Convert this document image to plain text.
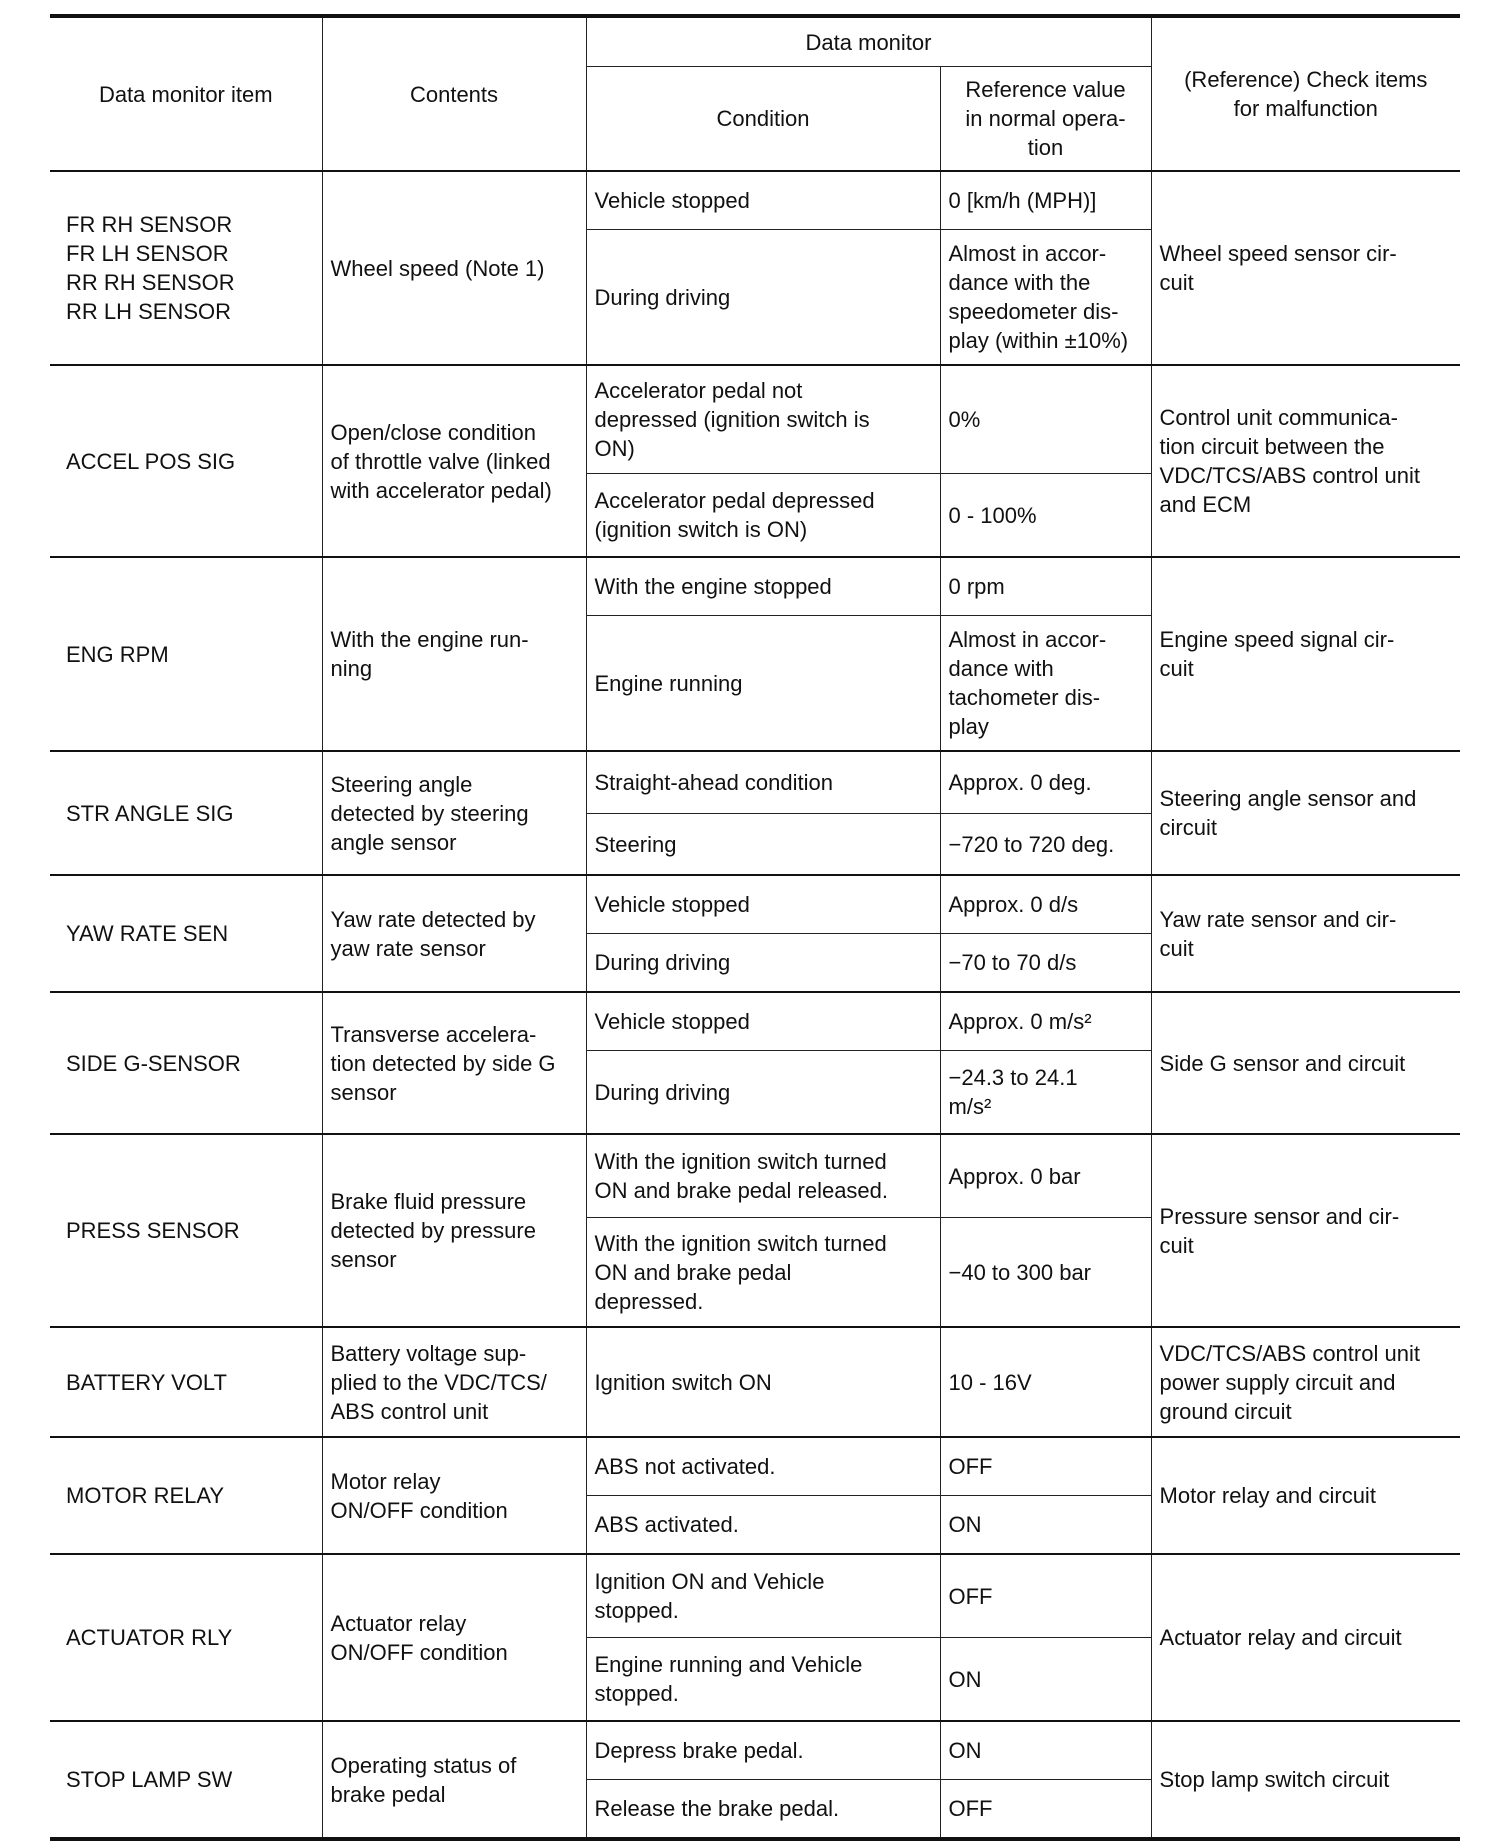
Data monitor item	Contents	Data monitor		(Reference) Check items
for malfunction
		Condition	Reference value
in normal opera-
tion	
FR RH SENSOR
FR LH SENSOR
RR RH SENSOR
RR LH SENSOR	Wheel speed (Note 1)	Vehicle stopped	0 [km/h (MPH)]	Wheel speed sensor cir-
cuit
		During driving	Almost in accor-
dance with the
speedometer dis-
play (within ±10%)	
ACCEL POS SIG	Open/close condition
of throttle valve (linked
with accelerator pedal)	Accelerator pedal not
depressed (ignition switch is
ON)	0%	Control unit communica-
tion circuit between the
VDC/TCS/ABS control unit
and ECM
		Accelerator pedal depressed
(ignition switch is ON)	0 - 100%	
ENG RPM	With the engine run-
ning	With the engine stopped	0 rpm	Engine speed signal cir-
cuit
		Engine running	Almost in accor-
dance with
tachometer dis-
play	
STR ANGLE SIG	Steering angle
detected by steering
angle sensor	Straight-ahead condition	Approx. 0 deg.	Steering angle sensor and
circuit
		Steering	−720 to 720 deg.	
YAW RATE SEN	Yaw rate detected by
yaw rate sensor	Vehicle stopped	Approx. 0 d/s	Yaw rate sensor and cir-
cuit
		During driving	−70 to 70 d/s	
SIDE G-SENSOR	Transverse accelera-
tion detected by side G
sensor	Vehicle stopped	Approx. 0 m/s²	Side G sensor and circuit
		During driving	−24.3 to 24.1
m/s²	
PRESS SENSOR	Brake fluid pressure
detected by pressure
sensor	With the ignition switch turned
ON and brake pedal released.	Approx. 0 bar	Pressure sensor and cir-
cuit
		With the ignition switch turned
ON and brake pedal
depressed.	−40 to 300 bar	
BATTERY VOLT	Battery voltage sup-
plied to the VDC/TCS/
ABS control unit	Ignition switch ON	10 - 16V	VDC/TCS/ABS control unit
power supply circuit and
ground circuit
MOTOR RELAY	Motor relay
ON/OFF condition	ABS not activated.	OFF	Motor relay and circuit
		ABS activated.	ON	
ACTUATOR RLY	Actuator relay
ON/OFF condition	Ignition ON and Vehicle
stopped.	OFF	Actuator relay and circuit
		Engine running and Vehicle
stopped.	ON	
STOP LAMP SW	Operating status of
brake pedal	Depress brake pedal.	ON	Stop lamp switch circuit
		Release the brake pedal.	OFF	
